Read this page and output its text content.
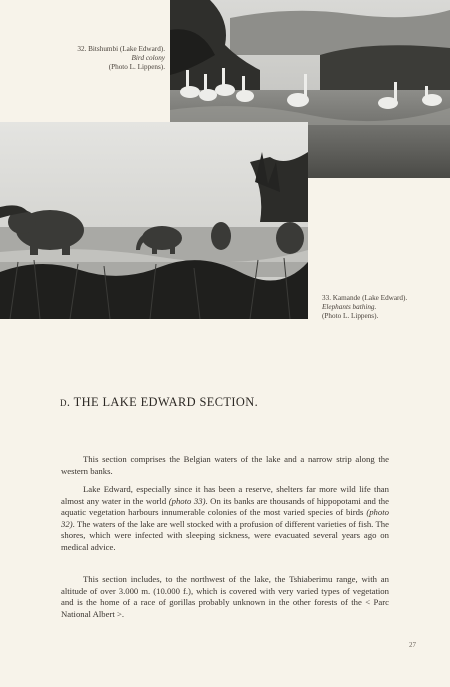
32. Bitshumbi (Lake Edward).
Bird colony
(Photo L. Lippens).
33. Kamande (Lake Edward).
Elephants bathing.
(Photo L. Lippens).
d. THE LAKE EDWARD SECTION.

This section comprises the Belgian waters of the lake and a narrow strip along the western banks.

Lake Edward, especially since it has been a reserve, shelters far more wild life than almost any water in the world (photo 33). On its banks are thousands of hippopotami and the aquatic vegetation harbours innumerable colonies of the most varied species of birds (photo 32). The waters of the lake are well stocked with a profusion of different varieties of fish. The shores, which were infected with sleeping sickness, were evacuated several years ago on medical advice.

This section includes, to the northwest of the lake, the Tshiaberimu range, with an altitude of over 3.000 m. (10.000 f.), which is covered with very varied types of vegetation and is the home of a race of gorillas probably unknown in the other forests of the < Parc National Albert >.

27
